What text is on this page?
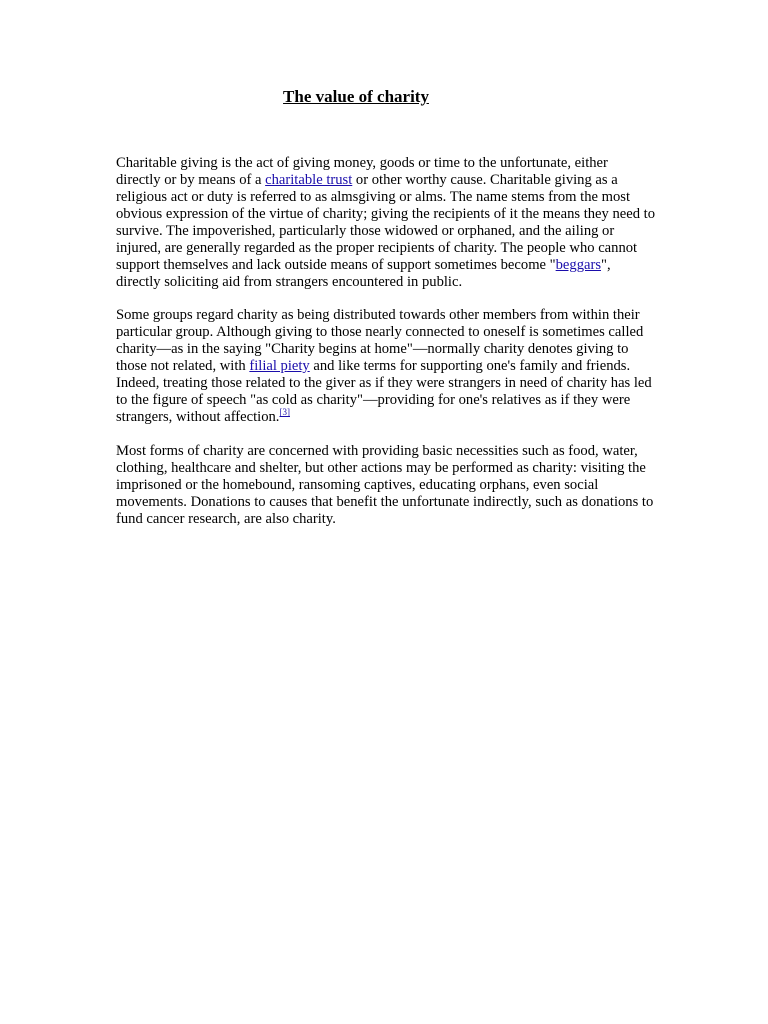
The value of charity

Charitable giving is the act of giving money, goods or time to the unfortunate, either directly or by means of a charitable trust or other worthy cause. Charitable giving as a religious act or duty is referred to as almsgiving or alms. The name stems from the most obvious expression of the virtue of charity; giving the recipients of it the means they need to survive. The impoverished, particularly those widowed or orphaned, and the ailing or injured, are generally regarded as the proper recipients of charity. The people who cannot support themselves and lack outside means of support sometimes become "beggars", directly soliciting aid from strangers encountered in public.

Some groups regard charity as being distributed towards other members from within their particular group. Although giving to those nearly connected to oneself is sometimes called charity—as in the saying "Charity begins at home"—normally charity denotes giving to those not related, with filial piety and like terms for supporting one's family and friends. Indeed, treating those related to the giver as if they were strangers in need of charity has led to the figure of speech "as cold as charity"—providing for one's relatives as if they were strangers, without affection.[3]

Most forms of charity are concerned with providing basic necessities such as food, water, clothing, healthcare and shelter, but other actions may be performed as charity: visiting the imprisoned or the homebound, ransoming captives, educating orphans, even social movements. Donations to causes that benefit the unfortunate indirectly, such as donations to fund cancer research, are also charity.
